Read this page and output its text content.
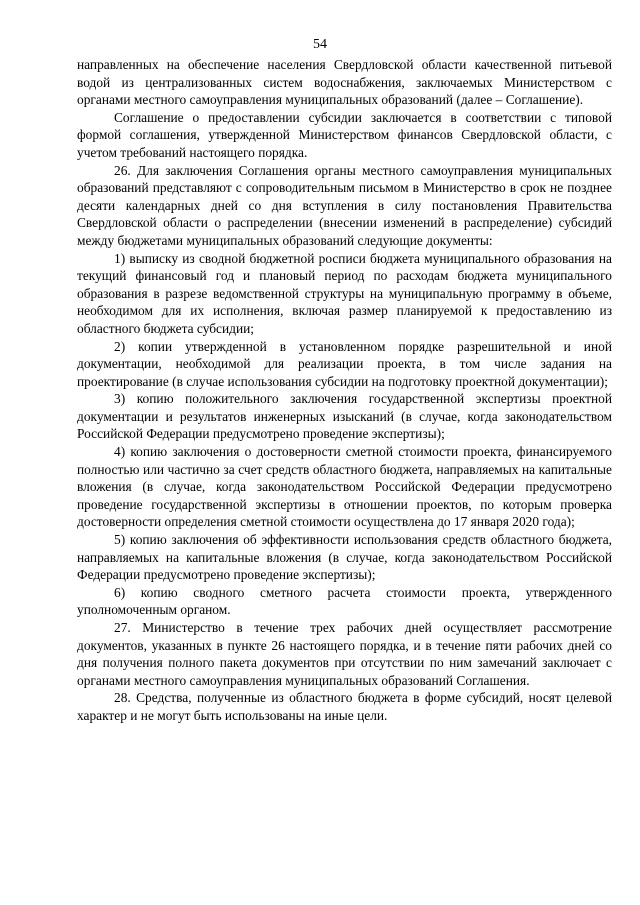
54

направленных на обеспечение населения Свердловской области качественной питьевой водой из централизованных систем водоснабжения, заключаемых Министерством с органами местного самоуправления муниципальных образований (далее – Соглашение).

Соглашение о предоставлении субсидии заключается в соответствии с типовой формой соглашения, утвержденной Министерством финансов Свердловской области, с учетом требований настоящего порядка.

26. Для заключения Соглашения органы местного самоуправления муниципальных образований представляют с сопроводительным письмом в Министерство в срок не позднее десяти календарных дней со дня вступления в силу постановления Правительства Свердловской области о распределении (внесении изменений в распределение) субсидий между бюджетами муниципальных образований следующие документы:

1) выписку из сводной бюджетной росписи бюджета муниципального образования на текущий финансовый год и плановый период по расходам бюджета муниципального образования в разрезе ведомственной структуры на муниципальную программу в объеме, необходимом для их исполнения, включая размер планируемой к предоставлению из областного бюджета субсидии;

2) копии утвержденной в установленном порядке разрешительной и иной документации, необходимой для реализации проекта, в том числе задания на проектирование (в случае использования субсидии на подготовку проектной документации);

3) копию положительного заключения государственной экспертизы проектной документации и результатов инженерных изысканий (в случае, когда законодательством Российской Федерации предусмотрено проведение экспертизы);

4) копию заключения о достоверности сметной стоимости проекта, финансируемого полностью или частично за счет средств областного бюджета, направляемых на капитальные вложения (в случае, когда законодательством Российской Федерации предусмотрено проведение государственной экспертизы в отношении проектов, по которым проверка достоверности определения сметной стоимости осуществлена до 17 января 2020 года);

5) копию заключения об эффективности использования средств областного бюджета, направляемых на капитальные вложения (в случае, когда законодательством Российской Федерации предусмотрено проведение экспертизы);

6) копию сводного сметного расчета стоимости проекта, утвержденного уполномоченным органом.

27. Министерство в течение трех рабочих дней осуществляет рассмотрение документов, указанных в пункте 26 настоящего порядка, и в течение пяти рабочих дней со дня получения полного пакета документов при отсутствии по ним замечаний заключает с органами местного самоуправления муниципальных образований Соглашения.

28. Средства, полученные из областного бюджета в форме субсидий, носят целевой характер и не могут быть использованы на иные цели.
